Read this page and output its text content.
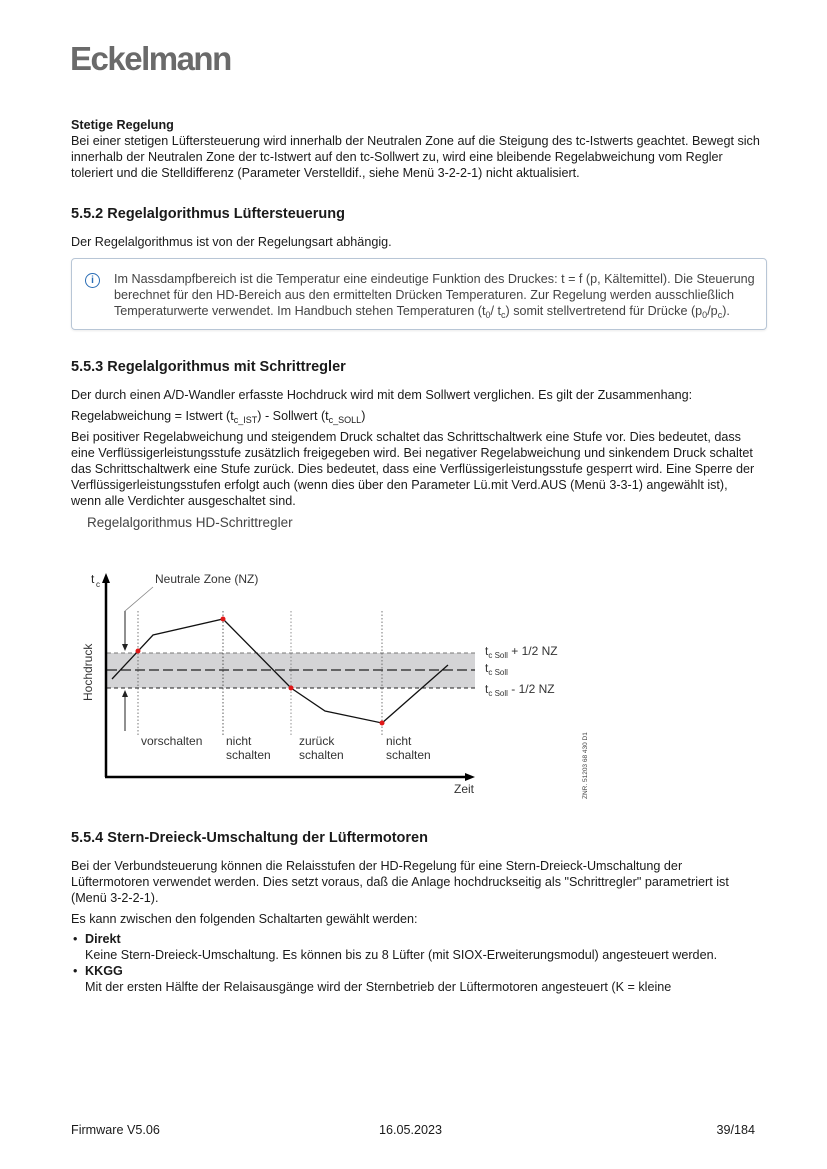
Eckelmann

Stetige Regelung

Bei einer stetigen Lüftersteuerung wird innerhalb der Neutralen Zone auf die Steigung des tc-Istwerts geachtet. Bewegt sich innerhalb der Neutralen Zone der tc-Istwert auf den tc-Sollwert zu, wird eine bleibende Regelabweichung vom Regler toleriert und die Stelldifferenz (Parameter Verstelldif., siehe Menü 3-2-2-1) nicht aktualisiert.

5.5.2 Regelalgorithmus Lüftersteuerung

Der Regelalgorithmus ist von der Regelungsart abhängig.

i	Im Nassdampfbereich ist die Temperatur eine eindeutige Funktion des Druckes: t = f (p, Kältemittel). Die Steuerung berechnet für den HD-Bereich aus den ermittelten Drücken Temperaturen. Zur Regelung werden ausschließlich Temperaturwerte verwendet. Im Handbuch stehen Temperaturen ($t_0/$ $t_c$) somit stellvertretend für Drücke $(p_0/p_c)$.
5.5.3 Regelalgorithmus mit Schrittregler

Der durch einen A/D-Wandler erfasste Hochdruck wird mit dem Sollwert verglichen. Es gilt der Zusammenhang:

Regelabweichung = Istwert $(t_{c\_IST})$ - Sollwert $(t_{c\_SOLL})$

Bei positiver Regelabweichung und steigendem Druck schaltet das Schrittschaltwerk eine Stufe vor. Dies bedeutet, dass eine Verflüssigerleistungsstufe zusätzlich freigegeben wird. Bei negativer Regelabweichung und sinkendem Druck schaltet das Schrittschaltwerk eine Stufe zurück. Dies bedeutet, dass eine Verflüssigerleistungsstufe gesperrt wird. Eine Sperre der Verflüssigerleistungsstufen erfolgt auch (wenn dies über den Parameter Lü.mit Verd.AUS (Menü 3-3-1) angewählt ist), wenn alle Verdichter ausgeschaltet sind.

Regelalgorithmus HD-Schrittregler
t c	Neutrale Zone (NZ)
Hochdruck
vorschalten nicht
schalten
zurück
schalten
nicht
schalten
Zeit
$t_{c Soll} + 1/2$ NZ
$t_{c Soll}$
$t_{c Soll} - 1/2$ NZ
ZNR. 51203 68 430 D1
5.5.4 Stern-Dreieck-Umschaltung der Lüftermotoren

Bei der Verbundsteuerung können die Relaisstufen der HD-Regelung für eine Stern-Dreieck-Umschaltung der Lüftermotoren verwendet werden. Dies setzt voraus, daß die Anlage hochdruckseitig als "Schrittregler" parametriert ist (Menü 3-2-2-1).

Es kann zwischen den folgenden Schaltarten gewählt werden:

• Direkt
Keine Stern-Dreieck-Umschaltung. Es können bis zu 8 Lüfter (mit SIOX-Erweiterungsmodul) angesteuert werden.
• KKGG
Mit der ersten Hälfte der Relaisausgänge wird der Sternbetrieb der Lüftermotoren angesteuert (K = kleine
Firmware V5.06	16.05.2023	39/184
